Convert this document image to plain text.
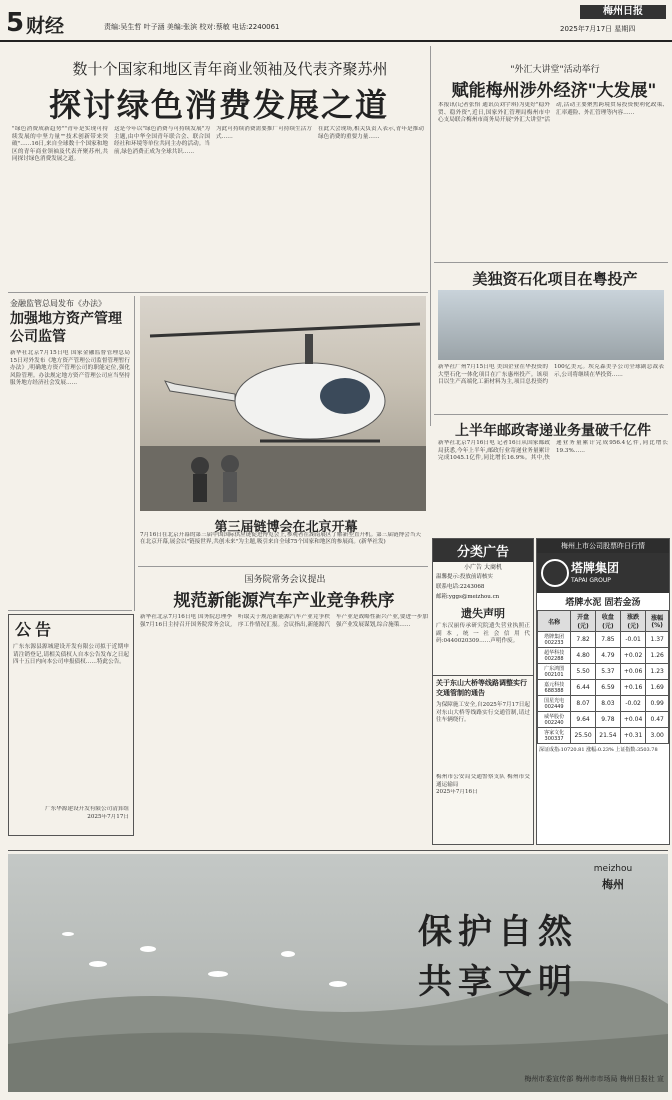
5 财经	责编:吴生哲 叶子涵 美编:张滨 校对:蔡敏 电话:2240061
梅州日报
2025年7月17日 星期四
数十个国家和地区青年商业领袖及代表齐聚苏州
探讨绿色消费发展之道
"绿色消费成新趋势""青年是实现可持续发展的中坚力量""技术创新带来突破"……16日,来自全球数十个国家和地区的青年商业领袖及代表齐聚苏州,共同探讨绿色消费发展之道。
这是今年以"绿色消费与可持续发展"为主题,由中华全国青年联合会、联合国经社和环境等单位共同主办的活动。当前,绿色消费正成为全球共识……
为此可持续消费需要推广可持续生活方式……
在此大会现场,相关负责人表示,青年是推动绿色消费的重要力量……
"外汇大讲堂"活动举行
赋能梅州涉外经济"大发展"
本报讯(记者张怡 通讯员刘宇琪)为更好"稳外贸、稳外资",近日,国家外汇管理局梅州市中心支局联合梅州市商务局开展"外汇大讲堂"活动,活动主要聚焦跨境贸易投资便利化政策、汇率避险、外汇管理等内容……
金融监管总局发布《办法》
加强地方资产管理公司监管
新华社北京7月15日电 国家金融监督管理总局15日对外发布《地方资产管理公司监督管理暂行办法》,明确地方资产管理公司的职能定位,强化风险管理。办法规定地方资产管理公司应当坚持服务地方经济社会发展……
第三届链博会在北京开幕
7月16日在北京开幕的第三届中国国际供应链促进博览会上,参观者在湖南展区了解新型直升机。第三届链博会当天在北京开幕,展会以"链接世界,共创未来"为主题,吸引来自全球75个国家和地区的参展商。(新华社发)
美独资石化项目在粤投产
新华社广州7月15日电 美国企业在华投资的大型石化一体化项目在广东惠州投产。该项目以生产高端化工新材料为主,项目总投资约100亿美元。埃克森美孚公司全球副总裁表示,公司将继续在华投资……
上半年邮政寄递业务量破千亿件
新华社北京7月16日电 记者16日从国家邮政局获悉,今年上半年,邮政行业寄递业务量累计完成1045.1亿件,同比增长16.9%。其中,快递业务量累计完成956.4亿件,同比增长19.3%……
国务院常务会议提出
规范新能源汽车产业竞争秩序
新华社北京7月16日电 国务院总理李强7月16日主持召开国务院常务会议,听取关于规范新能源汽车产业竞争秩序工作情况汇报。会议指出,新能源汽车产业是战略性新兴产业,要进一步加强产业发展谋划,综合施策……
公告
广东东源县源城建设开发有限公司拟于近期申请注销登记,请相关债权人自本公告发布之日起四十五日内向本公司申报债权……特此公告。
广东华源建设开发有限公司清算组
2025年7月17日
分类广告
小广告 大商机
温馨提示:投放前请核实
联系电话:2243068
邮箱:yggs@meizhou.cn
遗失声明
广东汉丽传承研究院遗失营业执照正副本,统一社会信用代码:0440020309……声明作废。
关于东山大桥等线路调整实行交通管制的通告
为保障施工安全,自2025年7月17日起对东山大桥等线路实行交通管制,请过往车辆绕行。
梅州市公安局交通警察支队 梅州市交通运输局
2025年7月16日
梅州上市公司股票昨日行情
塔牌集团
TAPAI GROUP
塔牌水泥 固若金汤
名称	开盘(元)	收盘(元)	涨跌(元)	涨幅(%)
塔牌集团 002233	7.82	7.85	-0.01	1.37
超华科技 002288	4.80	4.79	+0.02	1.26
广东鸿图 002101	5.50	5.37	+0.06	1.23
嘉元科技 688388	6.44	6.59	+0.16	1.69
国星光电 002449	8.07	8.03	-0.02	0.99
威华股份 002240	9.64	9.78	+0.04	0.47
客家文化 300337	25.50	21.54	+0.31	3.00
深证成指:10720.81 涨幅:0.23% 上证指数:3503.78
meizhou
梅州
保护自然
共享文明
梅州市委宣传部 梅州市市场局 梅州日报社 宣
